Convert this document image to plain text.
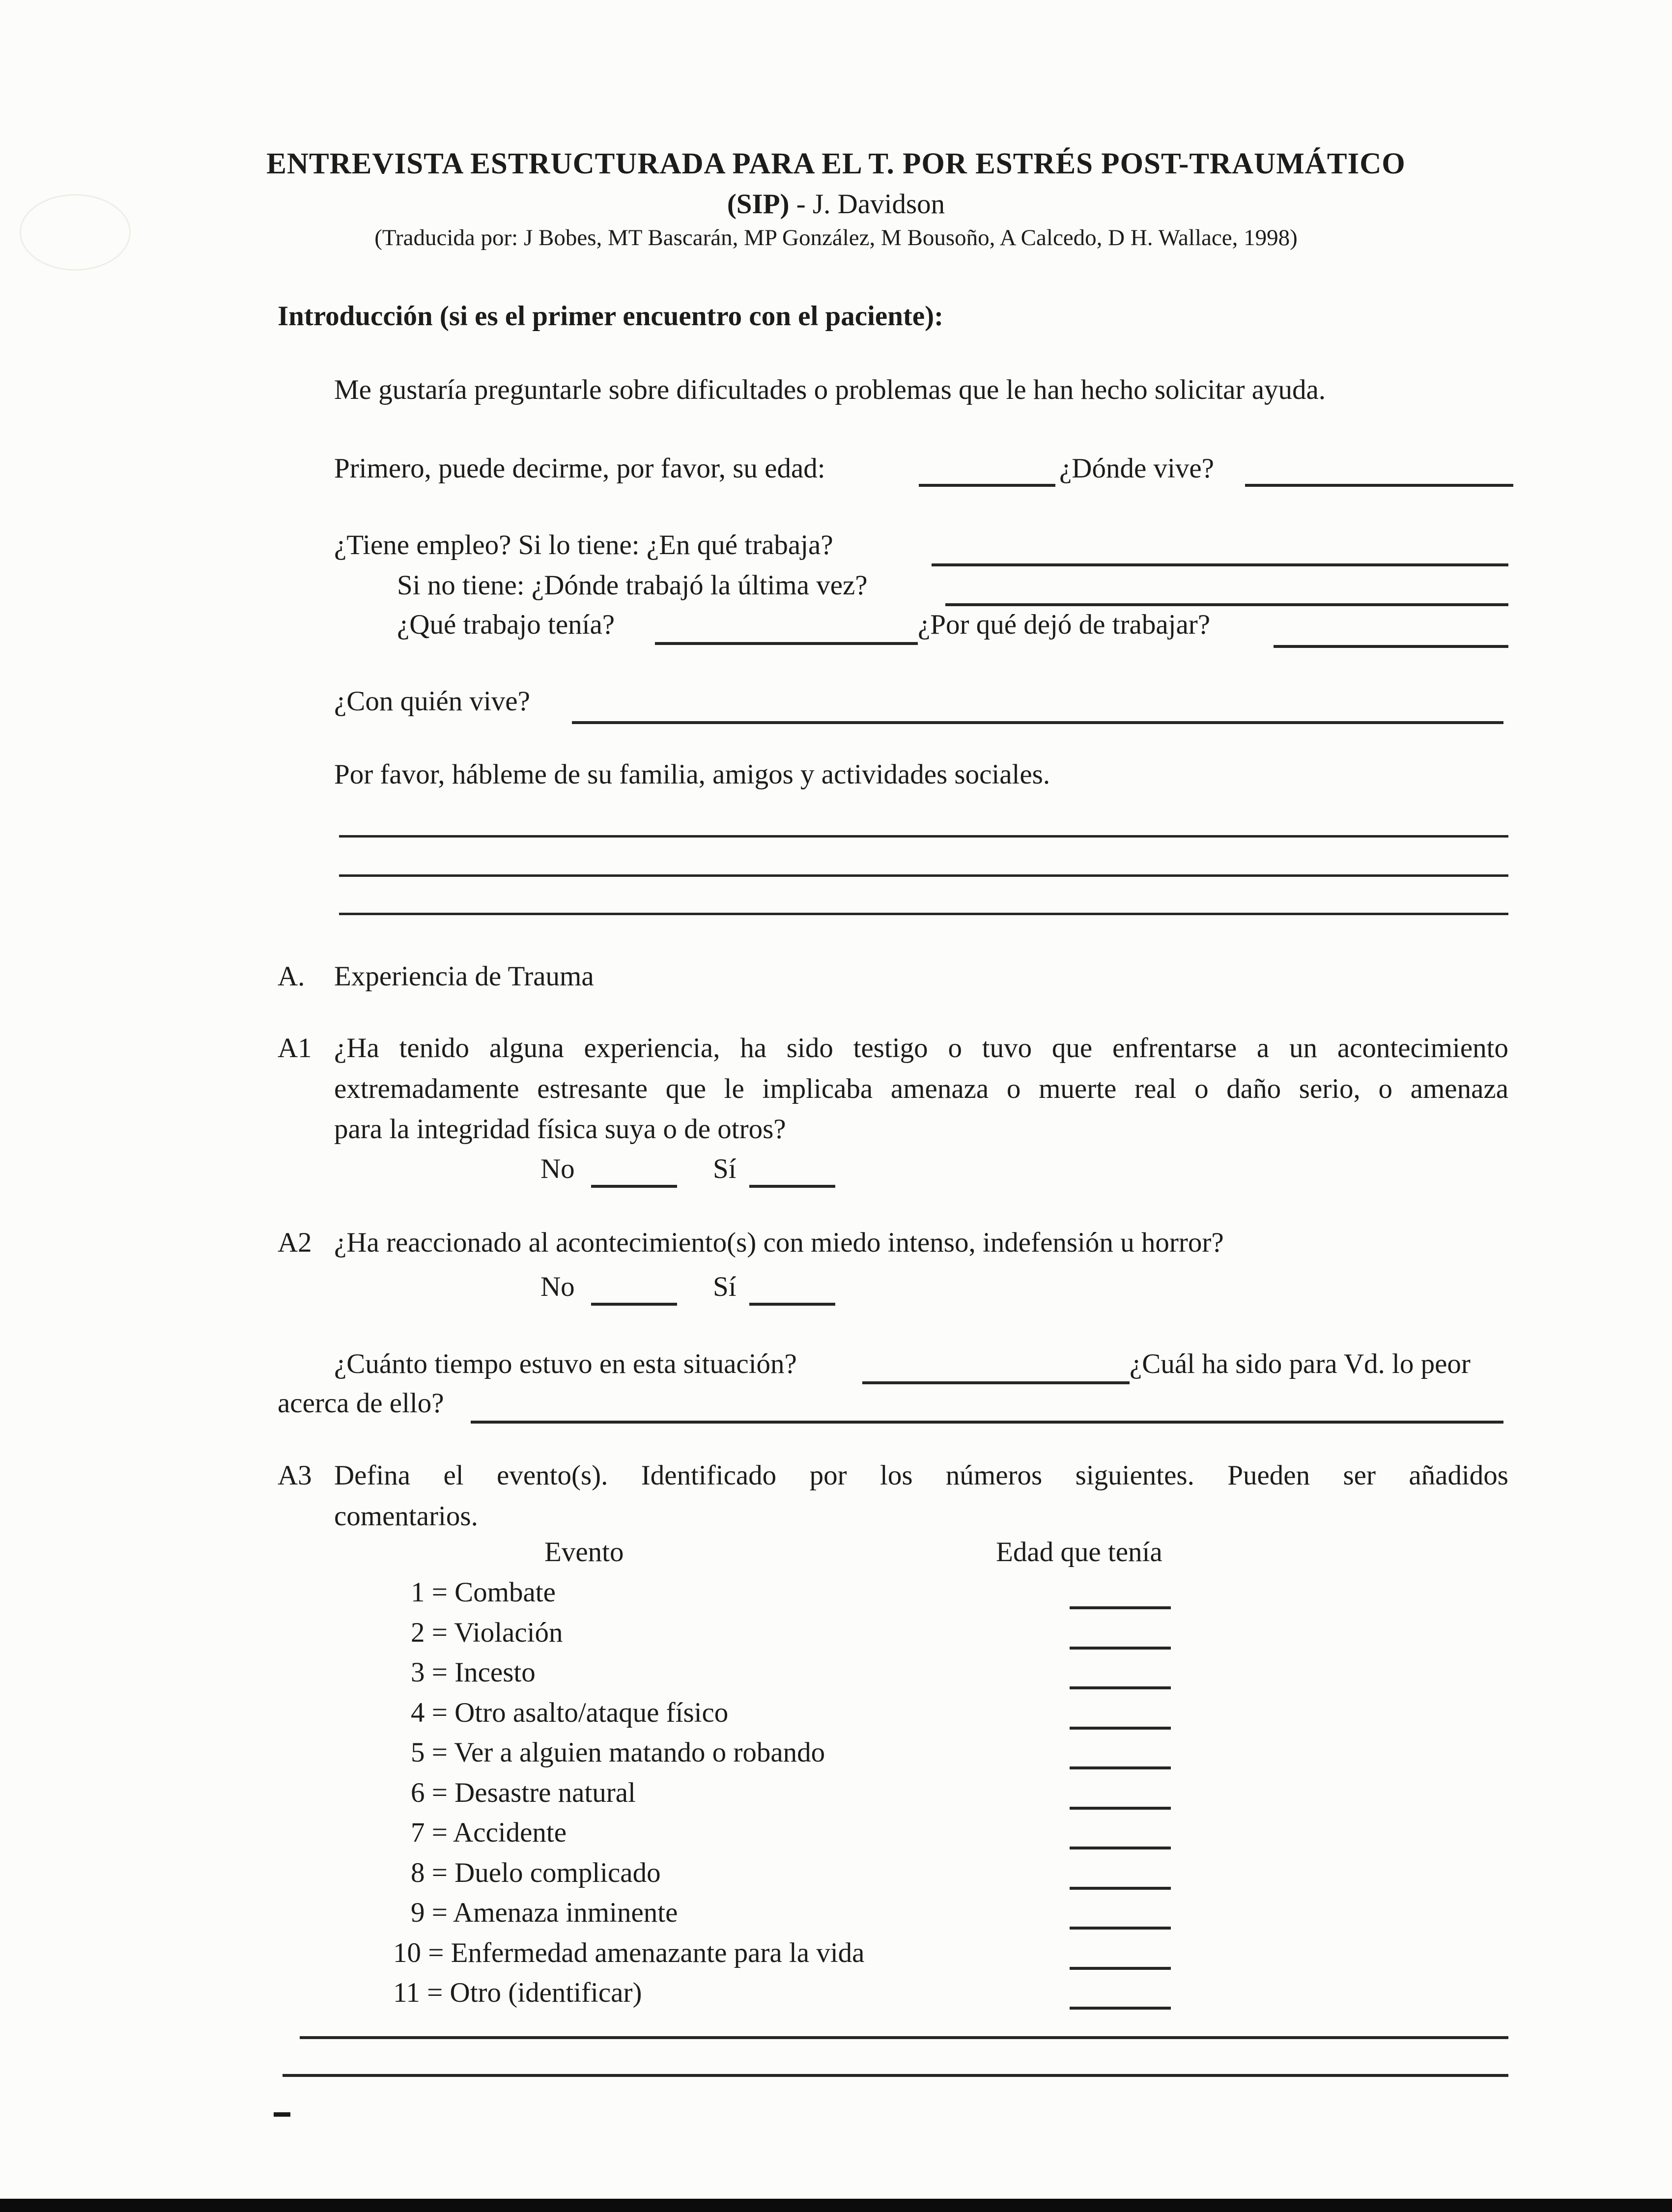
ENTREVISTA ESTRUCTURADA PARA EL T. POR ESTRÉS POST-TRAUMÁTICO
(SIP) - J. Davidson
(Traducida por: J Bobes, MT Bascarán, MP González, M Bousoño, A Calcedo, D H. Wallace, 1998)
Introducción (si es el primer encuentro con el paciente):
Me gustaría preguntarle sobre dificultades o problemas que le han hecho solicitar ayuda.
Primero, puede decirme, por favor, su edad:	¿Dónde vive?
¿Tiene empleo? Si lo tiene: ¿En qué trabaja?
Si no tiene: ¿Dónde trabajó la última vez?
¿Qué trabajo tenía?	¿Por qué dejó de trabajar?
¿Con quién vive?
Por favor, hábleme de su familia, amigos y actividades sociales.
A. Experiencia de Trauma
A1 ¿Ha tenido alguna experiencia, ha sido testigo o tuvo que enfrentarse a un acontecimiento
extremadamente estresante que le implicaba amenaza o muerte real o daño serio, o amenaza
para la integridad física suya o de otros?
No	Sí
A2 ¿Ha reaccionado al acontecimiento(s) con miedo intenso, indefensión u horror?
No	Sí
¿Cuánto tiempo estuvo en esta situación?	¿Cuál ha sido para Vd. lo peor
acerca de ello?
A3 Defina el evento(s). Identificado por los números siguientes. Pueden ser añadidos
comentarios.
Evento	Edad que tenía
1 = Combate
2 = Violación
3 = Incesto
4 = Otro asalto/ataque físico
5 = Ver a alguien matando o robando
6 = Desastre natural
7 = Accidente
8 = Duelo complicado
9 = Amenaza inminente
10 = Enfermedad amenazante para la vida
11 = Otro (identificar)
